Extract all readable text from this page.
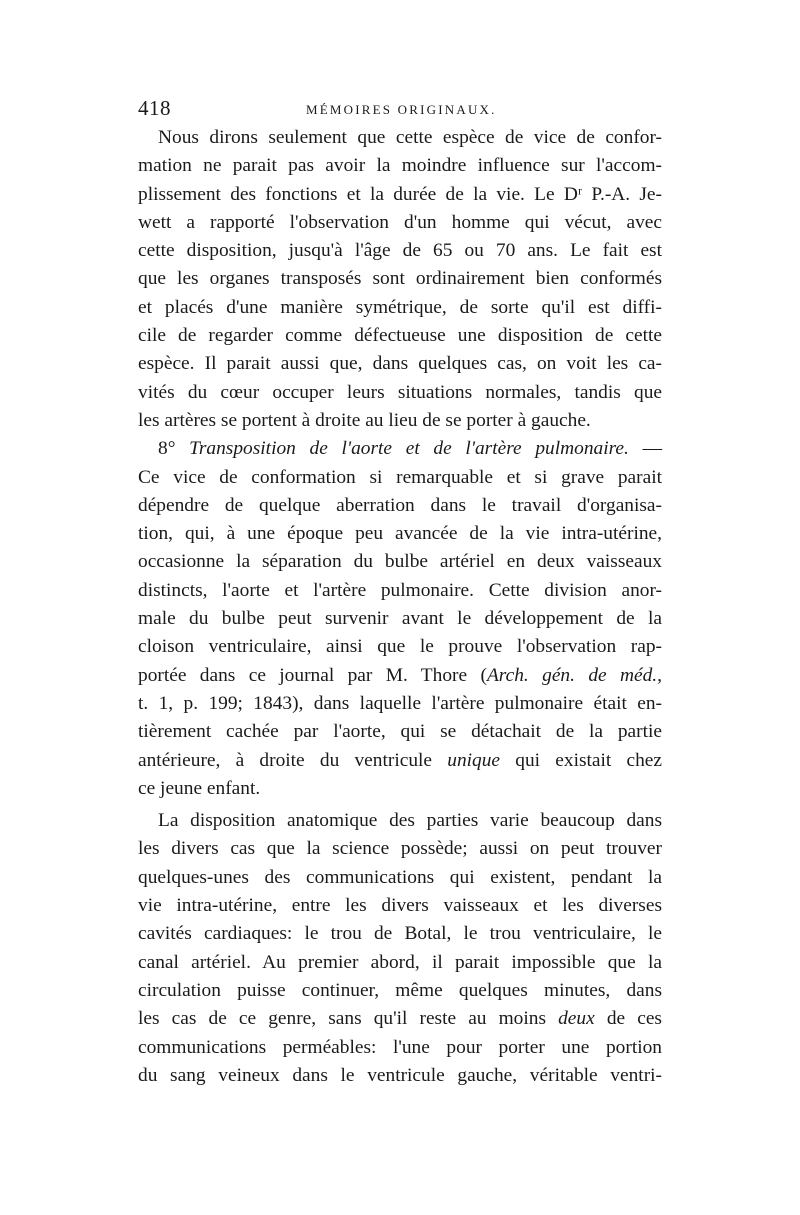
418	MÉMOIRES ORIGINAUX.
Nous dirons seulement que cette espèce de vice de confor-
mation ne parait pas avoir la moindre influence sur l'accom-
plissement des fonctions et la durée de la vie. Le Dʳ P.-A. Je-
wett a rapporté l'observation d'un homme qui vécut, avec
cette disposition, jusqu'à l'âge de 65 ou 70 ans. Le fait est
que les organes transposés sont ordinairement bien conformés
et placés d'une manière symétrique, de sorte qu'il est diffi-
cile de regarder comme défectueuse une disposition de cette
espèce. Il parait aussi que, dans quelques cas, on voit les ca-
vités du cœur occuper leurs situations normales, tandis que
les artères se portent à droite au lieu de se porter à gauche.
8° Transposition de l'aorte et de l'artère pulmonaire. —
Ce vice de conformation si remarquable et si grave parait
dépendre de quelque aberration dans le travail d'organisa-
tion, qui, à une époque peu avancée de la vie intra-utérine,
occasionne la séparation du bulbe artériel en deux vaisseaux
distincts, l'aorte et l'artère pulmonaire. Cette division anor-
male du bulbe peut survenir avant le développement de la
cloison ventriculaire, ainsi que le prouve l'observation rap-
portée dans ce journal par M. Thore (Arch. gén. de méd.,
t. 1, p. 199; 1843), dans laquelle l'artère pulmonaire était en-
tièrement cachée par l'aorte, qui se détachait de la partie
antérieure, à droite du ventricule unique qui existait chez
ce jeune enfant.
La disposition anatomique des parties varie beaucoup dans
les divers cas que la science possède; aussi on peut trouver
quelques-unes des communications qui existent, pendant la
vie intra-utérine, entre les divers vaisseaux et les diverses
cavités cardiaques: le trou de Botal, le trou ventriculaire, le
canal artériel. Au premier abord, il parait impossible que la
circulation puisse continuer, même quelques minutes, dans
les cas de ce genre, sans qu'il reste au moins deux de ces
communications perméables: l'une pour porter une portion
du sang veineux dans le ventricule gauche, véritable ventri-
